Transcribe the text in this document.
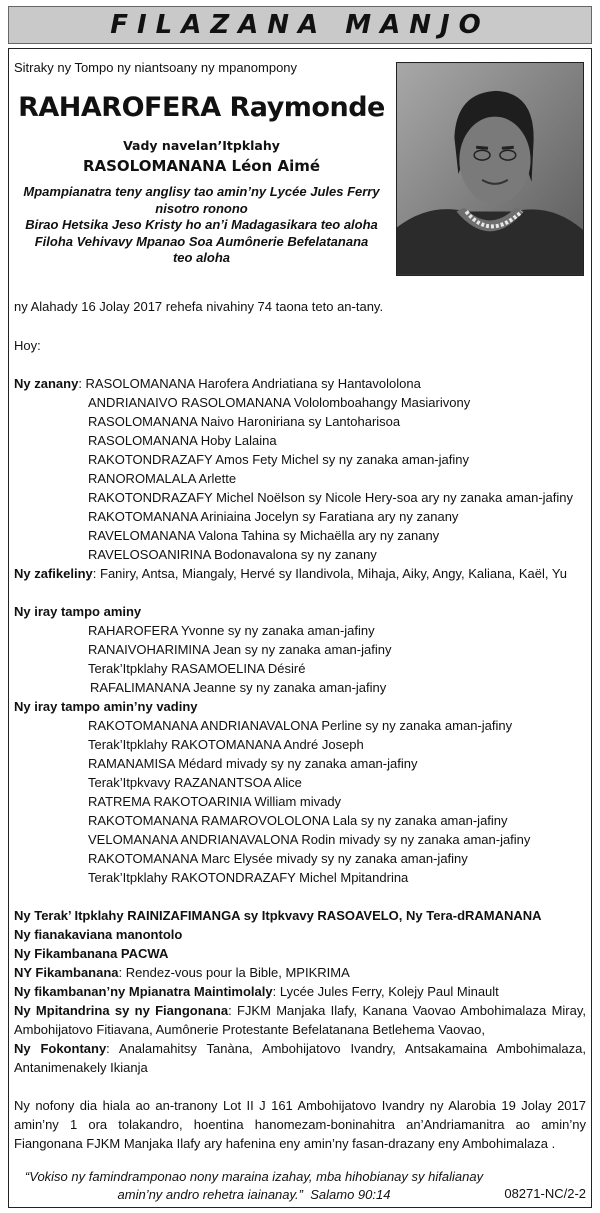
FILAZANA MANJO
Sitraky ny Tompo ny niantsoany ny mpanompony
RAHAROFERA Raymonde
Vady navelan’Itpklahy
RASOLOMANANA Léon Aimé
Mpampianatra teny anglisy tao amin’ny Lycée Jules Ferry
nisotro ronono
Birao Hetsika Jeso Kristy ho an’i Madagasikara teo aloha
Filoha Vehivavy Mpanao Soa Aumônerie Befelatanana
teo aloha
ny Alahady 16 Jolay 2017 rehefa nivahiny 74 taona teto an-tany.
Hoy:
Ny zanany: RASOLOMANANA Harofera Andriatiana sy Hantavololona
ANDRIANAIVO RASOLOMANANA Vololomboahangy Masiarivony
RASOLOMANANA Naivo Haroniriana sy Lantoharisoa
RASOLOMANANA Hoby Lalaina
RAKOTONDRAZAFY Amos Fety Michel sy ny zanaka aman-jafiny
RANOROMALALA Arlette
RAKOTONDRAZAFY Michel Noëlson sy Nicole Hery-soa ary ny zanaka aman-jafiny
RAKOTOMANANA Ariniaina Jocelyn sy Faratiana ary ny zanany
RAVELOMANANA Valona Tahina sy Michaëlla ary ny zanany
RAVELOSOANIRINA Bodonavalona sy ny zanany
Ny zafikeliny: Faniry, Antsa, Miangaly, Hervé sy Ilandivola, Mihaja, Aiky, Angy, Kaliana, Kaël, Yu
Ny iray tampo aminy
RAHAROFERA Yvonne sy ny zanaka aman-jafiny
RANAIVOHARIMINA Jean sy ny zanaka aman-jafiny
Terak’Itpklahy RASAMOELINA Désiré
RAFALIMANANA Jeanne sy ny zanaka aman-jafiny
Ny iray tampo amin’ny vadiny
RAKOTOMANANA ANDRIANAVALONA Perline sy ny zanaka aman-jafiny
Terak’Itpklahy RAKOTOMANANA André Joseph
RAMANAMISA Médard mivady sy ny zanaka aman-jafiny
Terak’Itpkvavy RAZANANTSOA Alice
RATREMA RAKOTOARINIA William mivady
RAKOTOMANANA RAMAROVOLOLONA Lala sy ny zanaka aman-jafiny
VELOMANANA ANDRIANAVALONA Rodin mivady sy ny zanaka aman-jafiny
RAKOTOMANANA Marc Elysée mivady sy ny zanaka aman-jafiny
Terak’Itpklahy RAKOTONDRAZAFY Michel Mpitandrina
Ny Terak’ Itpklahy RAINIZAFIMANGA sy Itpkvavy RASOAVELO, Ny Tera-dRAMANANA
Ny fianakaviana manontolo
Ny Fikambanana PACWA
NY Fikambanana: Rendez-vous pour la Bible, MPIKRIMA
Ny fikambanan’ny Mpianatra Maintimolaly: Lycée Jules Ferry, Kolejy Paul Minault
Ny Mpitandrina sy ny Fiangonana: FJKM Manjaka Ilafy, Kanana Vaovao Ambohimalaza Miray, Ambohijatovo Fitiavana, Aumônerie Protestante Befelatanana Betlehema Vaovao,
Ny Fokontany: Analamahitsy Tanàna, Ambohijatovo Ivandry, Antsakamaina Ambohimalaza, Antanimenakely Ikianja
Ny nofony dia hiala ao an-tranony Lot II J 161 Ambohijatovo Ivandry ny Alarobia 19 Jolay 2017 amin’ny 1 ora tolakandro, hoentina hanomezam-boninahitra an’Andriamanitra ao amin’ny Fiangonana FJKM Manjaka Ilafy ary hafenina eny amin’ny fasan-drazany eny Ambohimalaza .
“Vokiso ny famindramponao nony maraina izahay, mba hihobianay sy hifalianay
amin’ny andro rehetra iainanay.” Salamo 90:14	08271-NC/2-2
